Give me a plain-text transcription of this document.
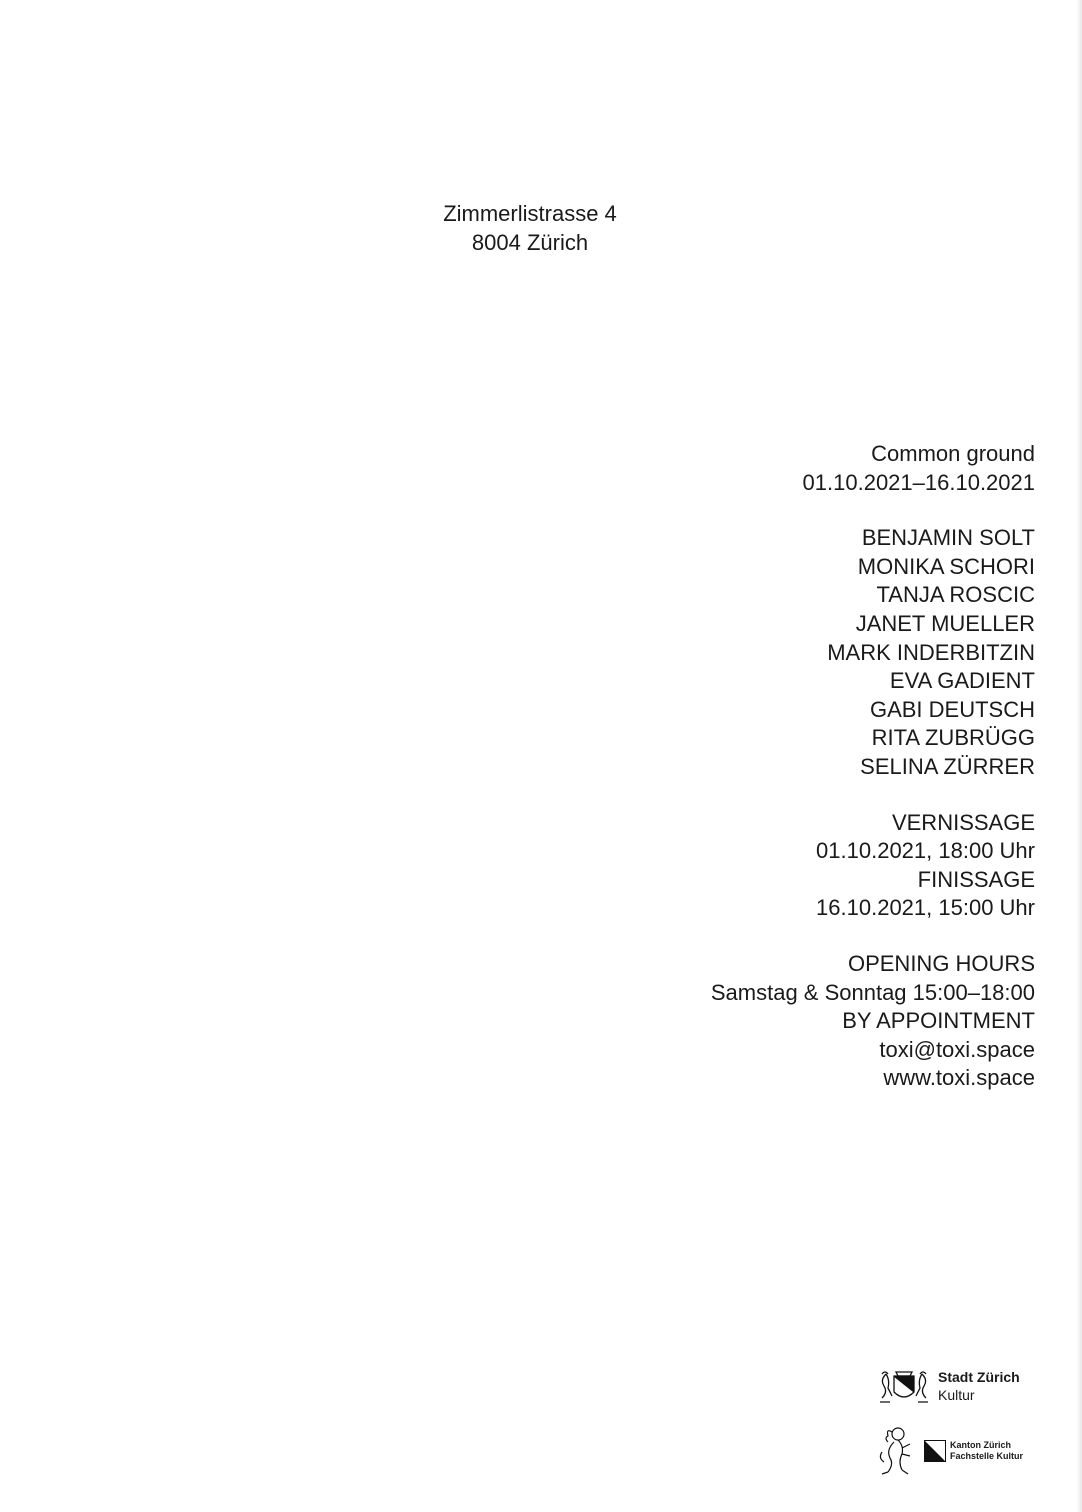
Zimmerlistrasse 4
8004 Zürich
Common ground
01.10.2021–16.10.2021
BENJAMIN SOLT
MONIKA SCHORI
TANJA ROSCIC
JANET MUELLER
MARK INDERBITZIN
EVA GADIENT
GABI DEUTSCH
RITA ZUBRÜGG
SELINA ZÜRRER
VERNISSAGE
01.10.2021, 18:00 Uhr
FINISSAGE
16.10.2021, 15:00 Uhr
OPENING HOURS
Samstag & Sonntag 15:00–18:00
BY APPOINTMENT
toxi@toxi.space
www.toxi.space
Stadt Zürich
Kultur
Kanton Zürich
Fachstelle Kultur
